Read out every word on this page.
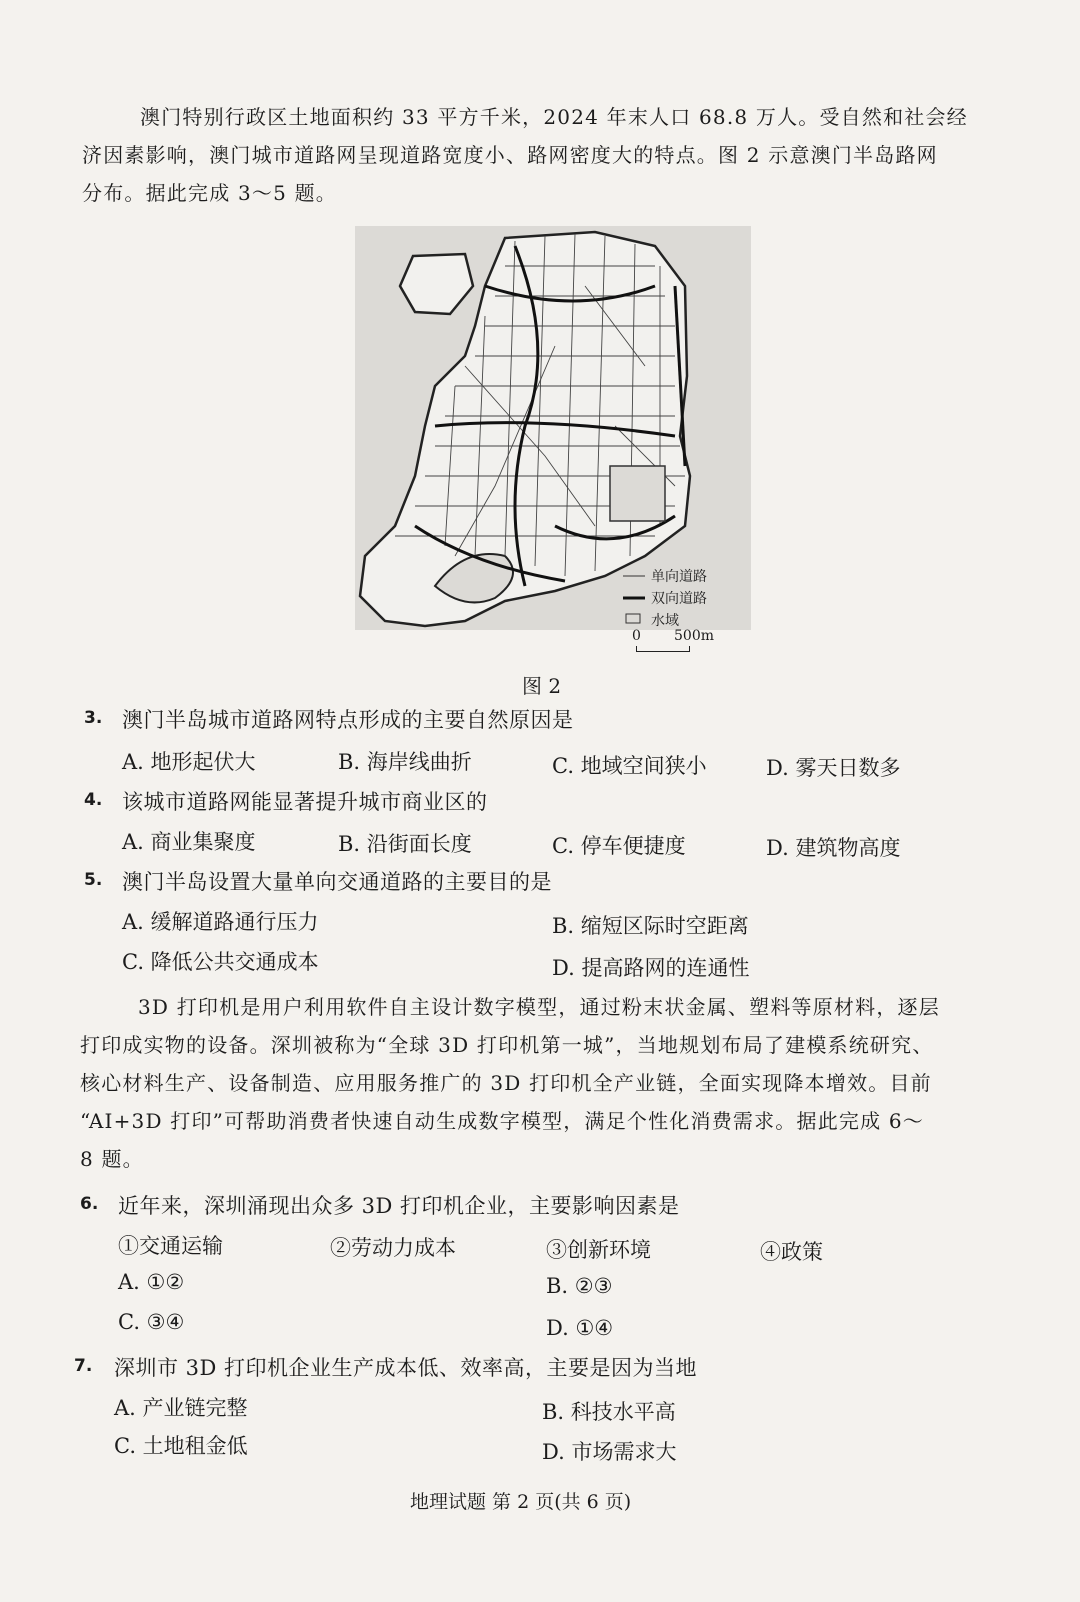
澳门特别行政区土地面积约 33 平方千米，2024 年末人口 68.8 万人。受自然和社会经
济因素影响，澳门城市道路网呈现道路宽度小、路网密度大的特点。图 2 示意澳门半岛路网
分布。据此完成 3～5 题。
单向道路
双向道路
水域
0 500m
图 2
3. 澳门半岛城市道路网特点形成的主要自然原因是
A. 地形起伏大	B. 海岸线曲折	C. 地域空间狭小	D. 雾天日数多
4. 该城市道路网能显著提升城市商业区的
A. 商业集聚度	B. 沿街面长度	C. 停车便捷度	D. 建筑物高度
5. 澳门半岛设置大量单向交通道路的主要目的是
A. 缓解道路通行压力	B. 缩短区际时空距离
C. 降低公共交通成本	D. 提高路网的连通性
3D 打印机是用户利用软件自主设计数字模型，通过粉末状金属、塑料等原材料，逐层
打印成实物的设备。深圳被称为“全球 3D 打印机第一城”，当地规划布局了建模系统研究、
核心材料生产、设备制造、应用服务推广的 3D 打印机全产业链，全面实现降本增效。目前
“AI+3D 打印”可帮助消费者快速自动生成数字模型，满足个性化消费需求。据此完成 6～
8 题。
6. 近年来，深圳涌现出众多 3D 打印机企业，主要影响因素是
①交通运输	②劳动力成本	③创新环境	④政策
A. ①②	B. ②③
C. ③④	D. ①④
7. 深圳市 3D 打印机企业生产成本低、效率高，主要是因为当地
A. 产业链完整	B. 科技水平高
C. 土地租金低	D. 市场需求大
地理试题 第 2 页(共 6 页)
